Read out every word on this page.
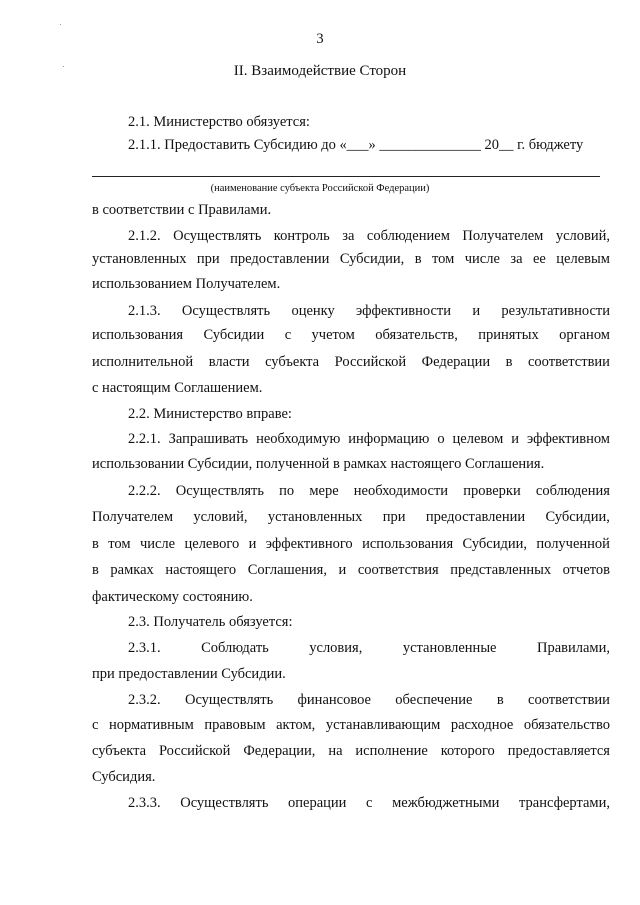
3
II. Взаимодействие Сторон
2.1. Министерство обязуется:
2.1.1. Предоставить Субсидию до «___» ______________ 20__ г. бюджету
в соответствии с Правилами.
2.1.2. Осуществлять контроль за соблюдением Получателем условий,
установленных при предоставлении Субсидии, в том числе за ее целевым
использованием Получателем.
2.1.3. Осуществлять оценку эффективности и результативности
использования Субсидии с учетом обязательств, принятых органом
исполнительной власти субъекта Российской Федерации в соответствии
с настоящим Соглашением.
2.2. Министерство вправе:
2.2.1. Запрашивать необходимую информацию о целевом и эффективном
использовании Субсидии, полученной в рамках настоящего Соглашения.
2.2.2. Осуществлять по мере необходимости проверки соблюдения
Получателем условий, установленных при предоставлении Субсидии,
в том числе целевого и эффективного использования Субсидии, полученной
в рамках настоящего Соглашения, и соответствия представленных отчетов
фактическому состоянию.
2.3. Получатель обязуется:
2.3.1.	Соблюдать	условия,	установленные	Правилами,
при предоставлении Субсидии.
2.3.2. Осуществлять финансовое обеспечение в соответствии
с нормативным правовым актом, устанавливающим расходное обязательство
субъекта Российской Федерации, на исполнение которого предоставляется
Субсидия.
2.3.3. Осуществлять операции с межбюджетными трансфертами,
(наименование субъекта Российской Федерации)
